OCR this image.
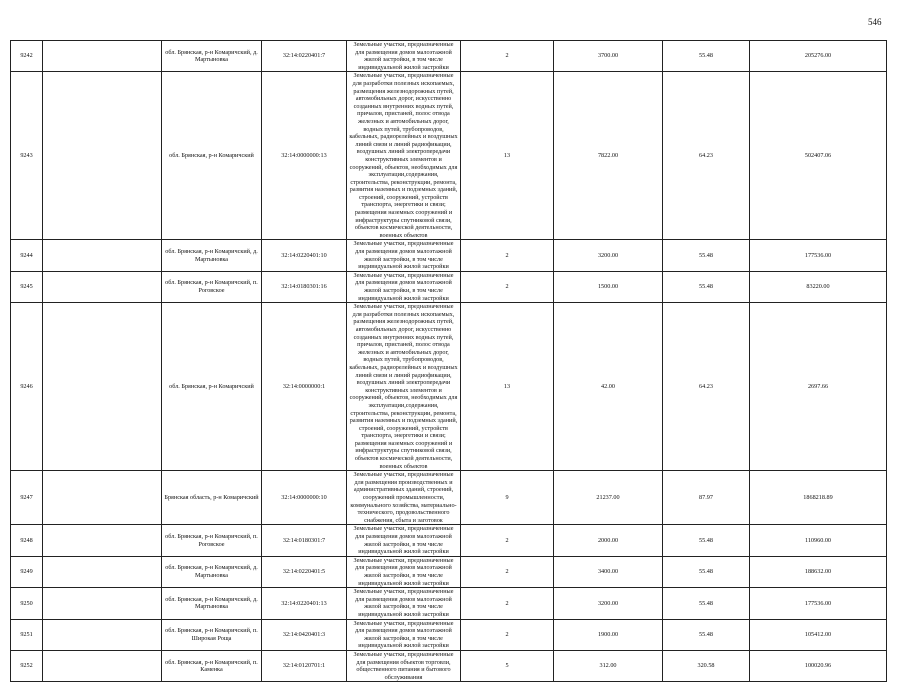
546
9242		обл. Брянская, р-н Комаричский, д. Мартыновка	32:14:0220401:7	Земельные участки, предназначенные для размещения домов малоэтажной жилой застройки, в том числе индивидуальной жилой застройки	2	3700.00	55.48	205276.00
9243		обл. Брянская, р-н Комаричский	32:14:0000000:13	Земельные участки, предназначенные для разработки полезных ископаемых, размещения железнодорожных путей, автомобильных дорог, искусственно созданных внутренних водных путей, причалов, пристаней, полос отвода железных и автомобильных дорог, водных путей, трубопроводов, кабельных, радиорелейных и воздушных линий связи и линий радиофикации, воздушных линий электропередачи конструктивных элементов и сооружений, объектов, необходимых для эксплуатации,содержания, строительства, реконструкции, ремонта, развития наземных и подземных зданий, строений, сооружений, устройств транспорта, энергетики и связи; размещения наземных сооружений и инфраструктуры спутниковой связи, объектов космической деятельности, военных объектов	13	7822.00	64.23	502407.06
9244		обл. Брянская, р-н Комаричский, д. Мартыновка	32:14:0220401:10	Земельные участки, предназначенные для размещения домов малоэтажной жилой застройки, в том числе индивидуальной жилой застройки	2	3200.00	55.48	177536.00
9245		обл. Брянская, р-н Комаричский, п. Роговское	32:14:0180301:16	Земельные участки, предназначенные для размещения домов малоэтажной жилой застройки, в том числе индивидуальной жилой застройки	2	1500.00	55.48	83220.00
9246		обл. Брянская, р-н Комаричский	32:14:0000000:1	Земельные участки, предназначенные для разработки полезных ископаемых, размещения железнодорожных путей, автомобильных дорог, искусственно созданных внутренних водных путей, причалов, пристаней, полос отвода железных и автомобильных дорог, водных путей, трубопроводов, кабельных, радиорелейных и воздушных линий связи и линий радиофикации, воздушных линий электропередачи конструктивных элементов и сооружений, объектов, необходимых для эксплуатации,содержания, строительства, реконструкции, ремонта, развития наземных и подземных зданий, строений, сооружений, устройств транспорта, энергетики и связи; размещения наземных сооружений и инфраструктуры спутниковой связи, объектов космической деятельности, военных объектов	13	42.00	64.23	2697.66
9247		Брянская область, р-н Комаричский	32:14:0000000:10	Земельные участки, предназначенные для размещения производственных и административных зданий, строений, сооружений промышленности, коммунального хозяйства, материально-технического, продовольственного снабжения, сбыта и заготовок	9	21237.00	87.97	1868218.89
9248		обл. Брянская, р-н Комаричский, п. Роговское	32:14:0180301:7	Земельные участки, предназначенные для размещения домов малоэтажной жилой застройки, в том числе индивидуальной жилой застройки	2	2000.00	55.48	110960.00
9249		обл. Брянская, р-н Комаричский, д. Мартыновка	32:14:0220401:5	Земельные участки, предназначенные для размещения домов малоэтажной жилой застройки, в том числе индивидуальной жилой застройки	2	3400.00	55.48	188632.00
9250		обл. Брянская, р-н Комаричский, д. Мартыновка	32:14:0220401:13	Земельные участки, предназначенные для размещения домов малоэтажной жилой застройки, в том числе индивидуальной жилой застройки	2	3200.00	55.48	177536.00
9251		обл. Брянская, р-н Комаричский, п. Широкая Роща	32:14:0420401:3	Земельные участки, предназначенные для размещения домов малоэтажной жилой застройки, в том числе индивидуальной жилой застройки	2	1900.00	55.48	105412.00
9252		обл. Брянская, р-н Комаричский, п. Каменка	32:14:0120701:1	Земельные участки, предназначенные для размещения объектов торговли, общественного питания и бытового обслуживания	5	312.00	320.58	100020.96
